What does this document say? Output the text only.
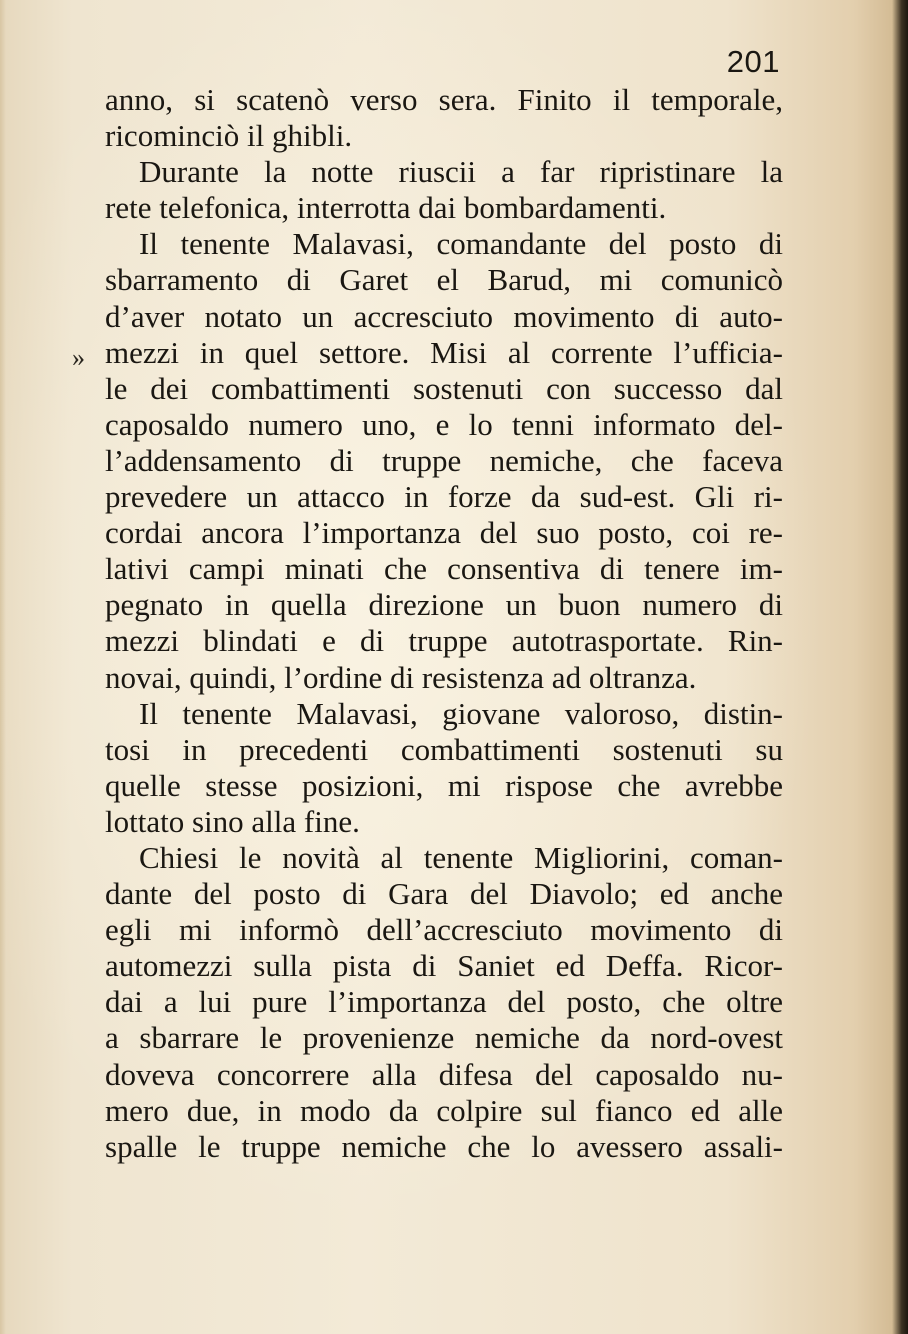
201
»
anno, si scatenò verso sera. Finito il temporale,
ricominciò il ghibli.
Durante la notte riuscii a far ripristinare la
rete telefonica, interrotta dai bombardamenti.
Il tenente Malavasi, comandante del posto di
sbarramento di Garet el Barud, mi comunicò
d’aver notato un accresciuto movimento di auto-
mezzi in quel settore. Misi al corrente l’ufficia-
le dei combattimenti sostenuti con successo dal
caposaldo numero uno, e lo tenni informato del-
l’addensamento di truppe nemiche, che faceva
prevedere un attacco in forze da sud-est. Gli ri-
cordai ancora l’importanza del suo posto, coi re-
lativi campi minati che consentiva di tenere im-
pegnato in quella direzione un buon numero di
mezzi blindati e di truppe autotrasportate. Rin-
novai, quindi, l’ordine di resistenza ad oltranza.
Il tenente Malavasi, giovane valoroso, distin-
tosi in precedenti combattimenti sostenuti su
quelle stesse posizioni, mi rispose che avrebbe
lottato sino alla fine.
Chiesi le novità al tenente Migliorini, coman-
dante del posto di Gara del Diavolo; ed anche
egli mi informò dell’accresciuto movimento di
automezzi sulla pista di Saniet ed Deffa. Ricor-
dai a lui pure l’importanza del posto, che oltre
a sbarrare le provenienze nemiche da nord-ovest
doveva concorrere alla difesa del caposaldo nu-
mero due, in modo da colpire sul fianco ed alle
spalle le truppe nemiche che lo avessero assali-
